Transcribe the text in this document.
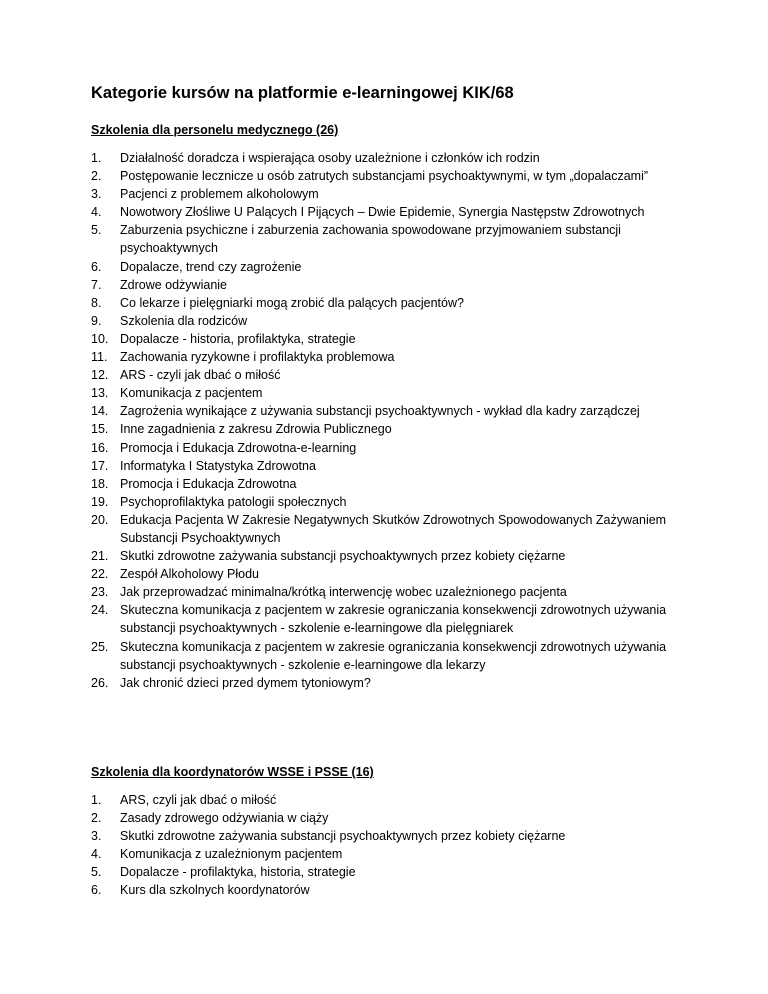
Kategorie kursów na platformie e-learningowej KIK/68
Szkolenia dla personelu medycznego (26)
1.	Działalność doradcza i wspierająca osoby uzależnione i członków ich rodzin
2.	Postępowanie lecznicze u osób zatrutych substancjami psychoaktywnymi, w tym „dopalaczami”
3.	Pacjenci z problemem alkoholowym
4.	Nowotwory Złośliwe U Palących I Pijących – Dwie Epidemie, Synergia Następstw Zdrowotnych
5.	Zaburzenia psychiczne i zaburzenia zachowania spowodowane przyjmowaniem substancji psychoaktywnych
6.	Dopalacze, trend czy zagrożenie
7.	Zdrowe odżywianie
8.	Co lekarze i pielęgniarki mogą zrobić dla palących pacjentów?
9.	Szkolenia dla rodziców
10. Dopalacze - historia, profilaktyka, strategie
11.	Zachowania ryzykowne i profilaktyka problemowa
12. ARS - czyli jak dbać o miłość
13. Komunikacja z pacjentem
14. Zagrożenia wynikające z używania substancji psychoaktywnych - wykład dla kadry zarządczej
15. Inne zagadnienia z zakresu Zdrowia Publicznego
16. Promocja i Edukacja Zdrowotna-e-learning
17. Informatyka I Statystyka Zdrowotna
18. Promocja i Edukacja Zdrowotna
19. Psychoprofilaktyka patologii społecznych
20. Edukacja Pacjenta W Zakresie Negatywnych Skutków Zdrowotnych Spowodowanych Zażywaniem Substancji Psychoaktywnych
21. Skutki zdrowotne zażywania substancji psychoaktywnych przez kobiety ciężarne
22. Zespół Alkoholowy Płodu
23. Jak przeprowadzać minimalna/krótką interwencję wobec uzależnionego pacjenta
24. Skuteczna komunikacja z pacjentem w zakresie ograniczania konsekwencji zdrowotnych używania substancji psychoaktywnych - szkolenie e-learningowe dla pielęgniarek
25. Skuteczna komunikacja z pacjentem w zakresie ograniczania konsekwencji zdrowotnych używania substancji psychoaktywnych - szkolenie e-learningowe dla lekarzy
26. Jak chronić dzieci przed dymem tytoniowym?
Szkolenia dla koordynatorów WSSE i PSSE (16)
1.	ARS, czyli jak dbać o miłość
2.	Zasady zdrowego odżywiania w ciąży
3.	Skutki zdrowotne zażywania substancji psychoaktywnych przez kobiety ciężarne
4.	Komunikacja z uzależnionym pacjentem
5.	Dopalacze - profilaktyka, historia, strategie
6.	Kurs dla szkolnych koordynatorów
